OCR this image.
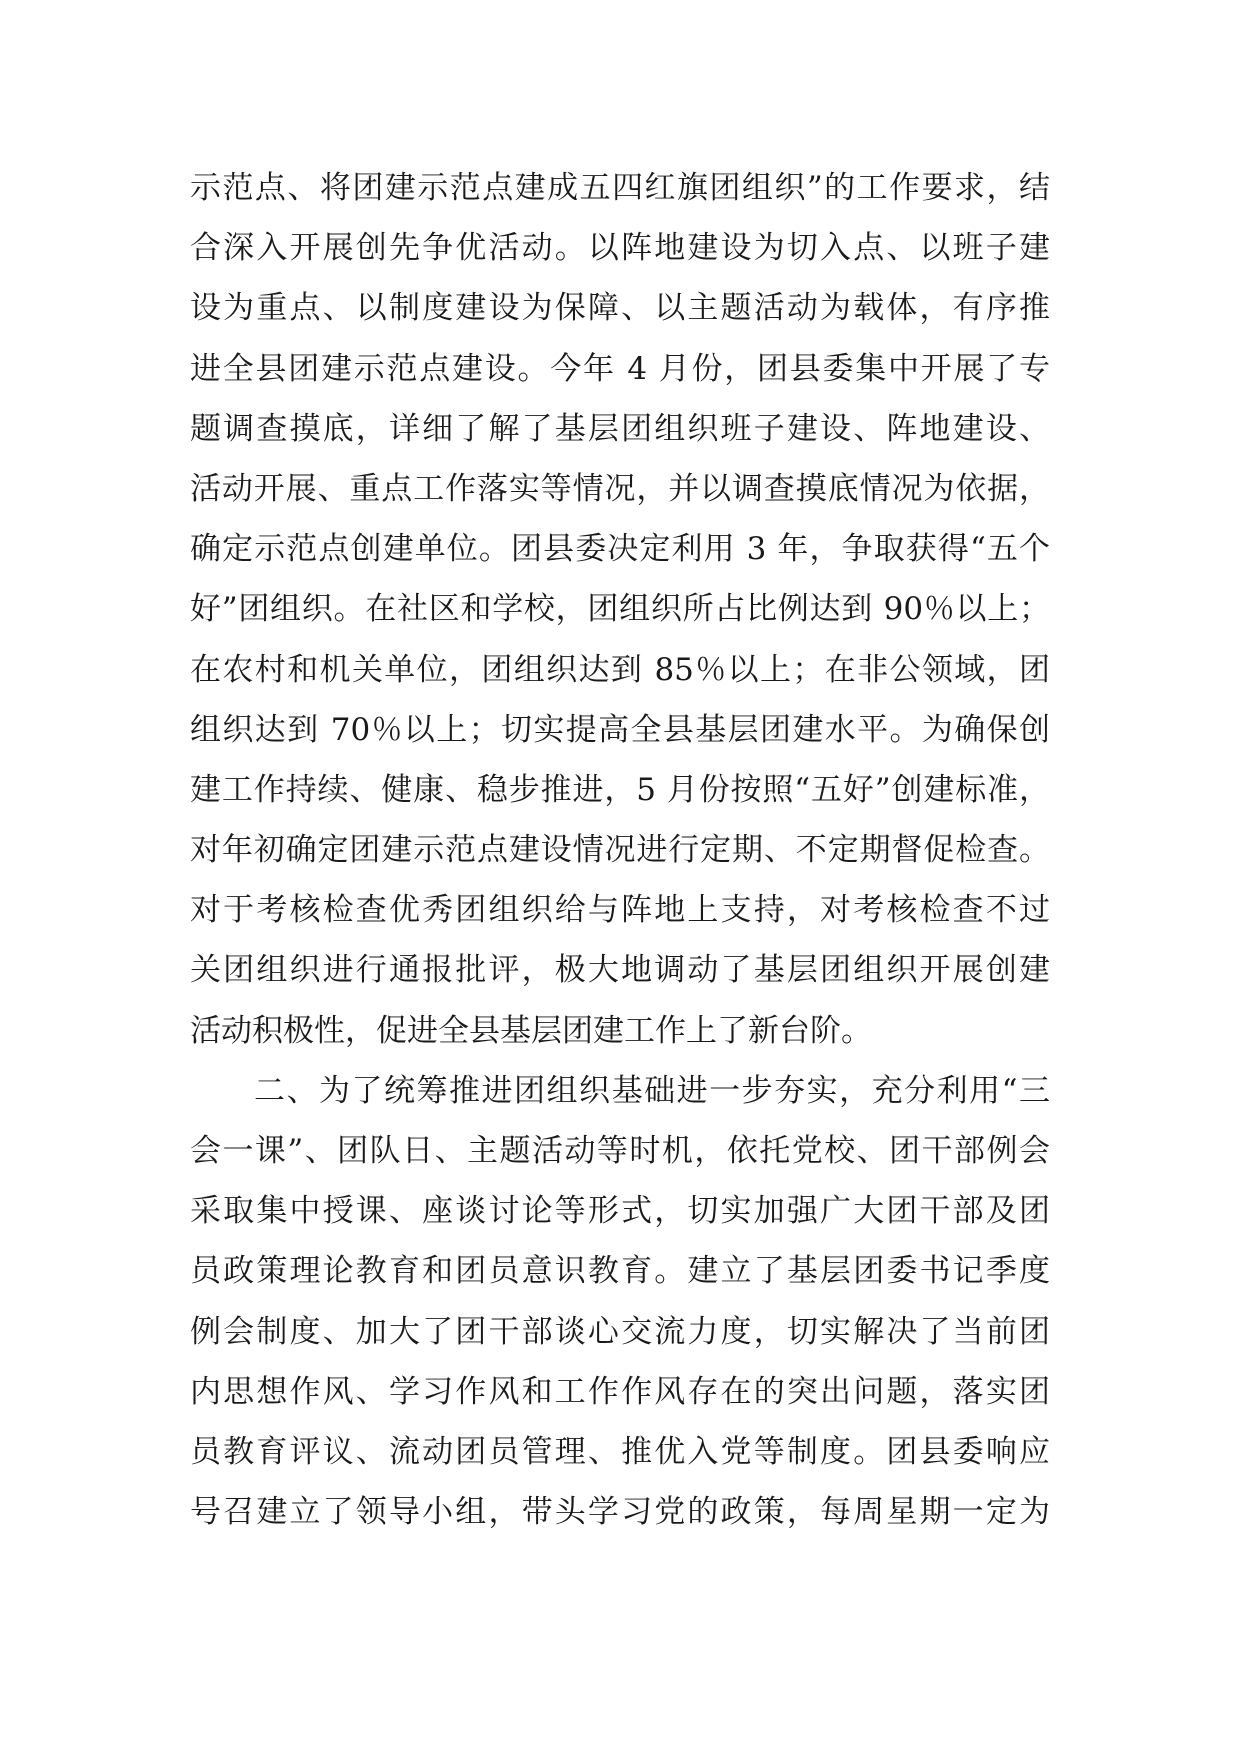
示范点、将团建示范点建成五四红旗团组织”的工作要求，结
合深入开展创先争优活动。以阵地建设为切入点、以班子建
设为重点、以制度建设为保障、以主题活动为载体，有序推
进全县团建示范点建设。今年 4 月份，团县委集中开展了专
题调查摸底，详细了解了基层团组织班子建设、阵地建设、
活动开展、重点工作落实等情况，并以调查摸底情况为依据，
确定示范点创建单位。团县委决定利用 3 年，争取获得“五个
好”团组织。在社区和学校，团组织所占比例达到 90％以上；
在农村和机关单位，团组织达到 85％以上；在非公领域，团
组织达到 70％以上；切实提高全县基层团建水平。为确保创
建工作持续、健康、稳步推进，5 月份按照“五好”创建标准，
对年初确定团建示范点建设情况进行定期、不定期督促检查。
对于考核检查优秀团组织给与阵地上支持，对考核检查不过
关团组织进行通报批评，极大地调动了基层团组织开展创建
活动积极性，促进全县基层团建工作上了新台阶。
二、为了统筹推进团组织基础进一步夯实，充分利用“三
会一课”、团队日、主题活动等时机，依托党校、团干部例会
采取集中授课、座谈讨论等形式，切实加强广大团干部及团
员政策理论教育和团员意识教育。建立了基层团委书记季度
例会制度、加大了团干部谈心交流力度，切实解决了当前团
内思想作风、学习作风和工作作风存在的突出问题，落实团
员教育评议、流动团员管理、推优入党等制度。团县委响应
号召建立了领导小组，带头学习党的政策，每周星期一定为
